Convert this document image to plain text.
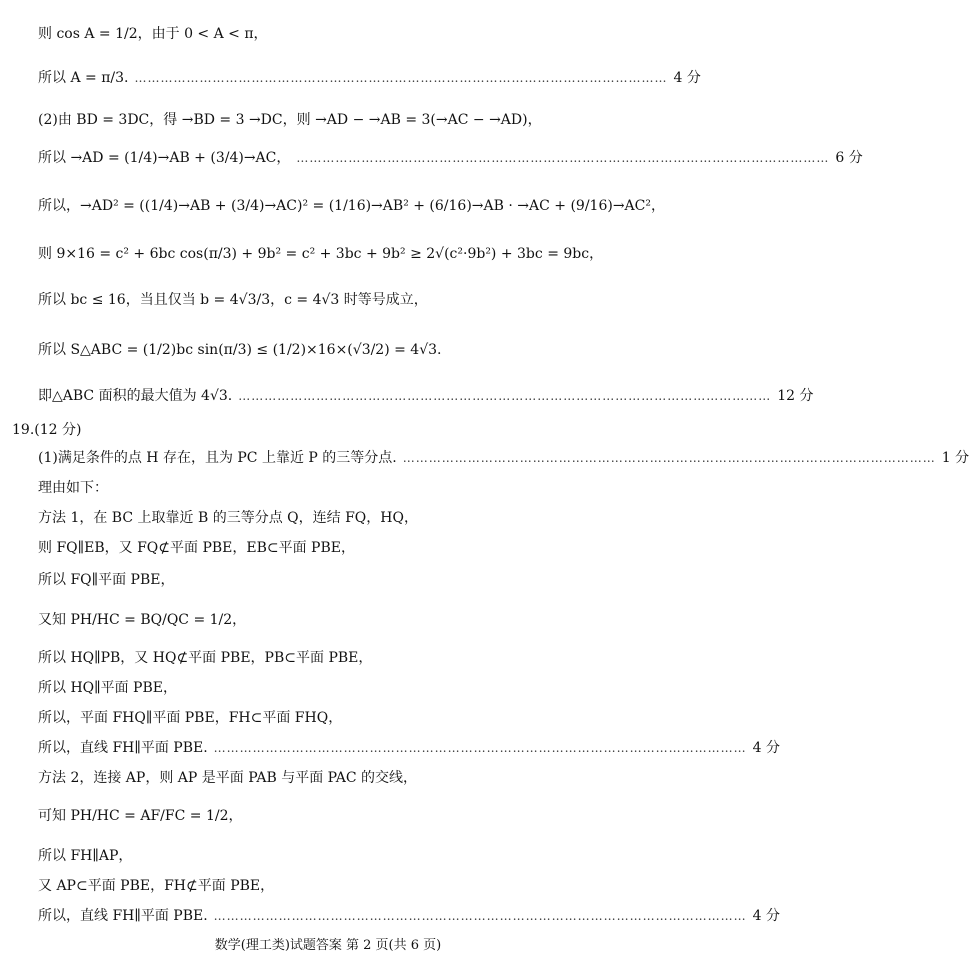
则 cos A = 1/2，由于 0 < A < π，
所以 A = π/3. …………………………………………………………………………………………………………… 4 分
(2)由 BD = 3DC，得 →BD = 3 →DC，则 →AD − →AB = 3(→AC − →AD)，
所以 →AD = (1/4)→AB + (3/4)→AC， …………………………………………………………………………………………………………… 6 分
所以，→AD² = ((1/4)→AB + (3/4)→AC)² = (1/16)→AB² + (6/16)→AB · →AC + (9/16)→AC²，
则 9×16 = c² + 6bc cos(π/3) + 9b² = c² + 3bc + 9b² ≥ 2√(c²·9b²) + 3bc = 9bc，
所以 bc ≤ 16，当且仅当 b = 4√3/3，c = 4√3 时等号成立，
所以 S△ABC = (1/2)bc sin(π/3) ≤ (1/2)×16×(√3/2) = 4√3.
即△ABC 面积的最大值为 4√3. …………………………………………………………………………………………………………… 12 分
19.(12 分)
(1)满足条件的点 H 存在，且为 PC 上靠近 P 的三等分点. …………………………………………………………………………………………………………… 1 分
理由如下：
方法 1，在 BC 上取靠近 B 的三等分点 Q，连结 FQ，HQ，
则 FQ∥EB，又 FQ⊄平面 PBE，EB⊂平面 PBE，
所以 FQ∥平面 PBE，
又知 PH/HC = BQ/QC = 1/2，
所以 HQ∥PB，又 HQ⊄平面 PBE，PB⊂平面 PBE，
所以 HQ∥平面 PBE，
所以，平面 FHQ∥平面 PBE，FH⊂平面 FHQ，
所以，直线 FH∥平面 PBE. …………………………………………………………………………………………………………… 4 分
方法 2，连接 AP，则 AP 是平面 PAB 与平面 PAC 的交线，
可知 PH/HC = AF/FC = 1/2，
所以 FH∥AP，
又 AP⊂平面 PBE，FH⊄平面 PBE，
所以，直线 FH∥平面 PBE. …………………………………………………………………………………………………………… 4 分
数学(理工类)试题答案 第 2 页(共 6 页)
